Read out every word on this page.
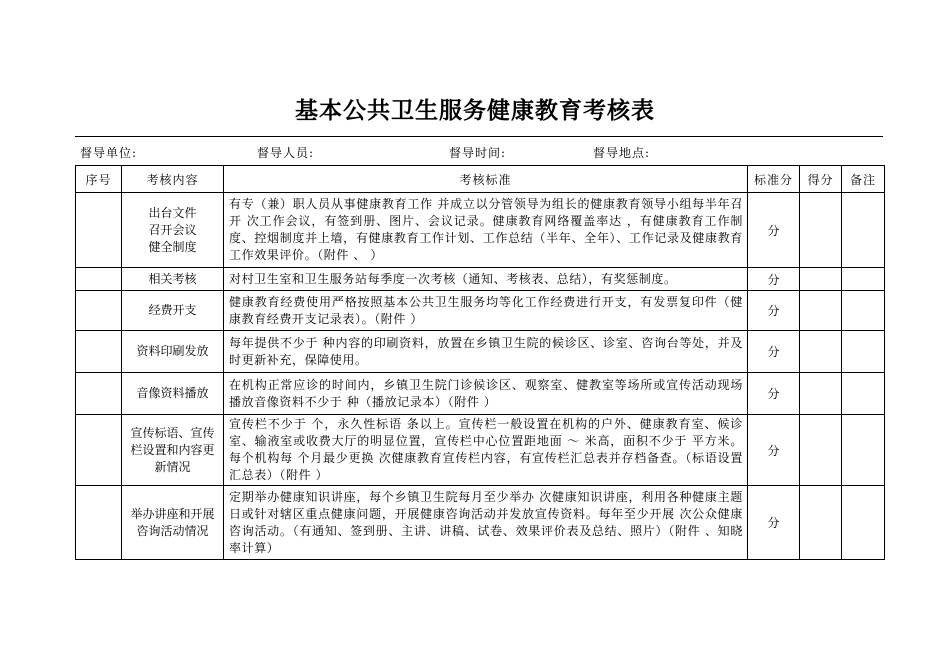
基本公共卫生服务健康教育考核表
督导单位:	督导人员:	督导时间:	督导地点:
序号	考核内容	考核标准	标准分	得分	备注

	出台文件
召开会议
健全制度	有专（兼）职人员从事健康教育工作 并成立以分管领导为组长的健康教育领导小组每半年召开 次工作会议，有签到册、图片、会议记录。健康教育网络覆盖率达 ，有健康教育工作制度、控烟制度并上墙，有健康教育工作计划、工作总结（半年、全年）、工作记录及健康教育工作效果评价。（附件 、 ）	分		
	相关考核	对村卫生室和卫生服务站每季度一次考核（通知、考核表、总结），有奖惩制度。	分		
	经费开支	健康教育经费使用严格按照基本公共卫生服务均等化工作经费进行开支，有发票复印件（健康教育经费开支记录表）。（附件 ）	分		
	资料印刷发放	每年提供不少于 种内容的印刷资料，放置在乡镇卫生院的候诊区、诊室、咨询台等处，并及时更新补充，保障使用。	分		
	音像资料播放	在机构正常应诊的时间内，乡镇卫生院门诊候诊区、观察室、健教室等场所或宣传活动现场播放音像资料不少于 种（播放记录本）（附件 ）	分		
	宣传标语、宣传栏设置和内容更新情况	宣传栏不少于 个，永久性标语 条以上。宣传栏一般设置在机构的户外、健康教育室、候诊室、输液室或收费大厅的明显位置，宣传栏中心位置距地面 ～ 米高，面积不少于 平方米。每个机构每 个月最少更换 次健康教育宣传栏内容，有宣传栏汇总表并存档备查。（标语设置汇总表）（附件 ）	分		
	举办讲座和开展咨询活动情况	定期举办健康知识讲座，每个乡镇卫生院每月至少举办 次健康知识讲座，利用各种健康主题日或针对辖区重点健康问题，开展健康咨询活动并发放宣传资料。每年至少开展 次公众健康咨询活动。（有通知、签到册、主讲、讲稿、试卷、效果评价表及总结、照片）（附件 、知晓率计算）	分		
